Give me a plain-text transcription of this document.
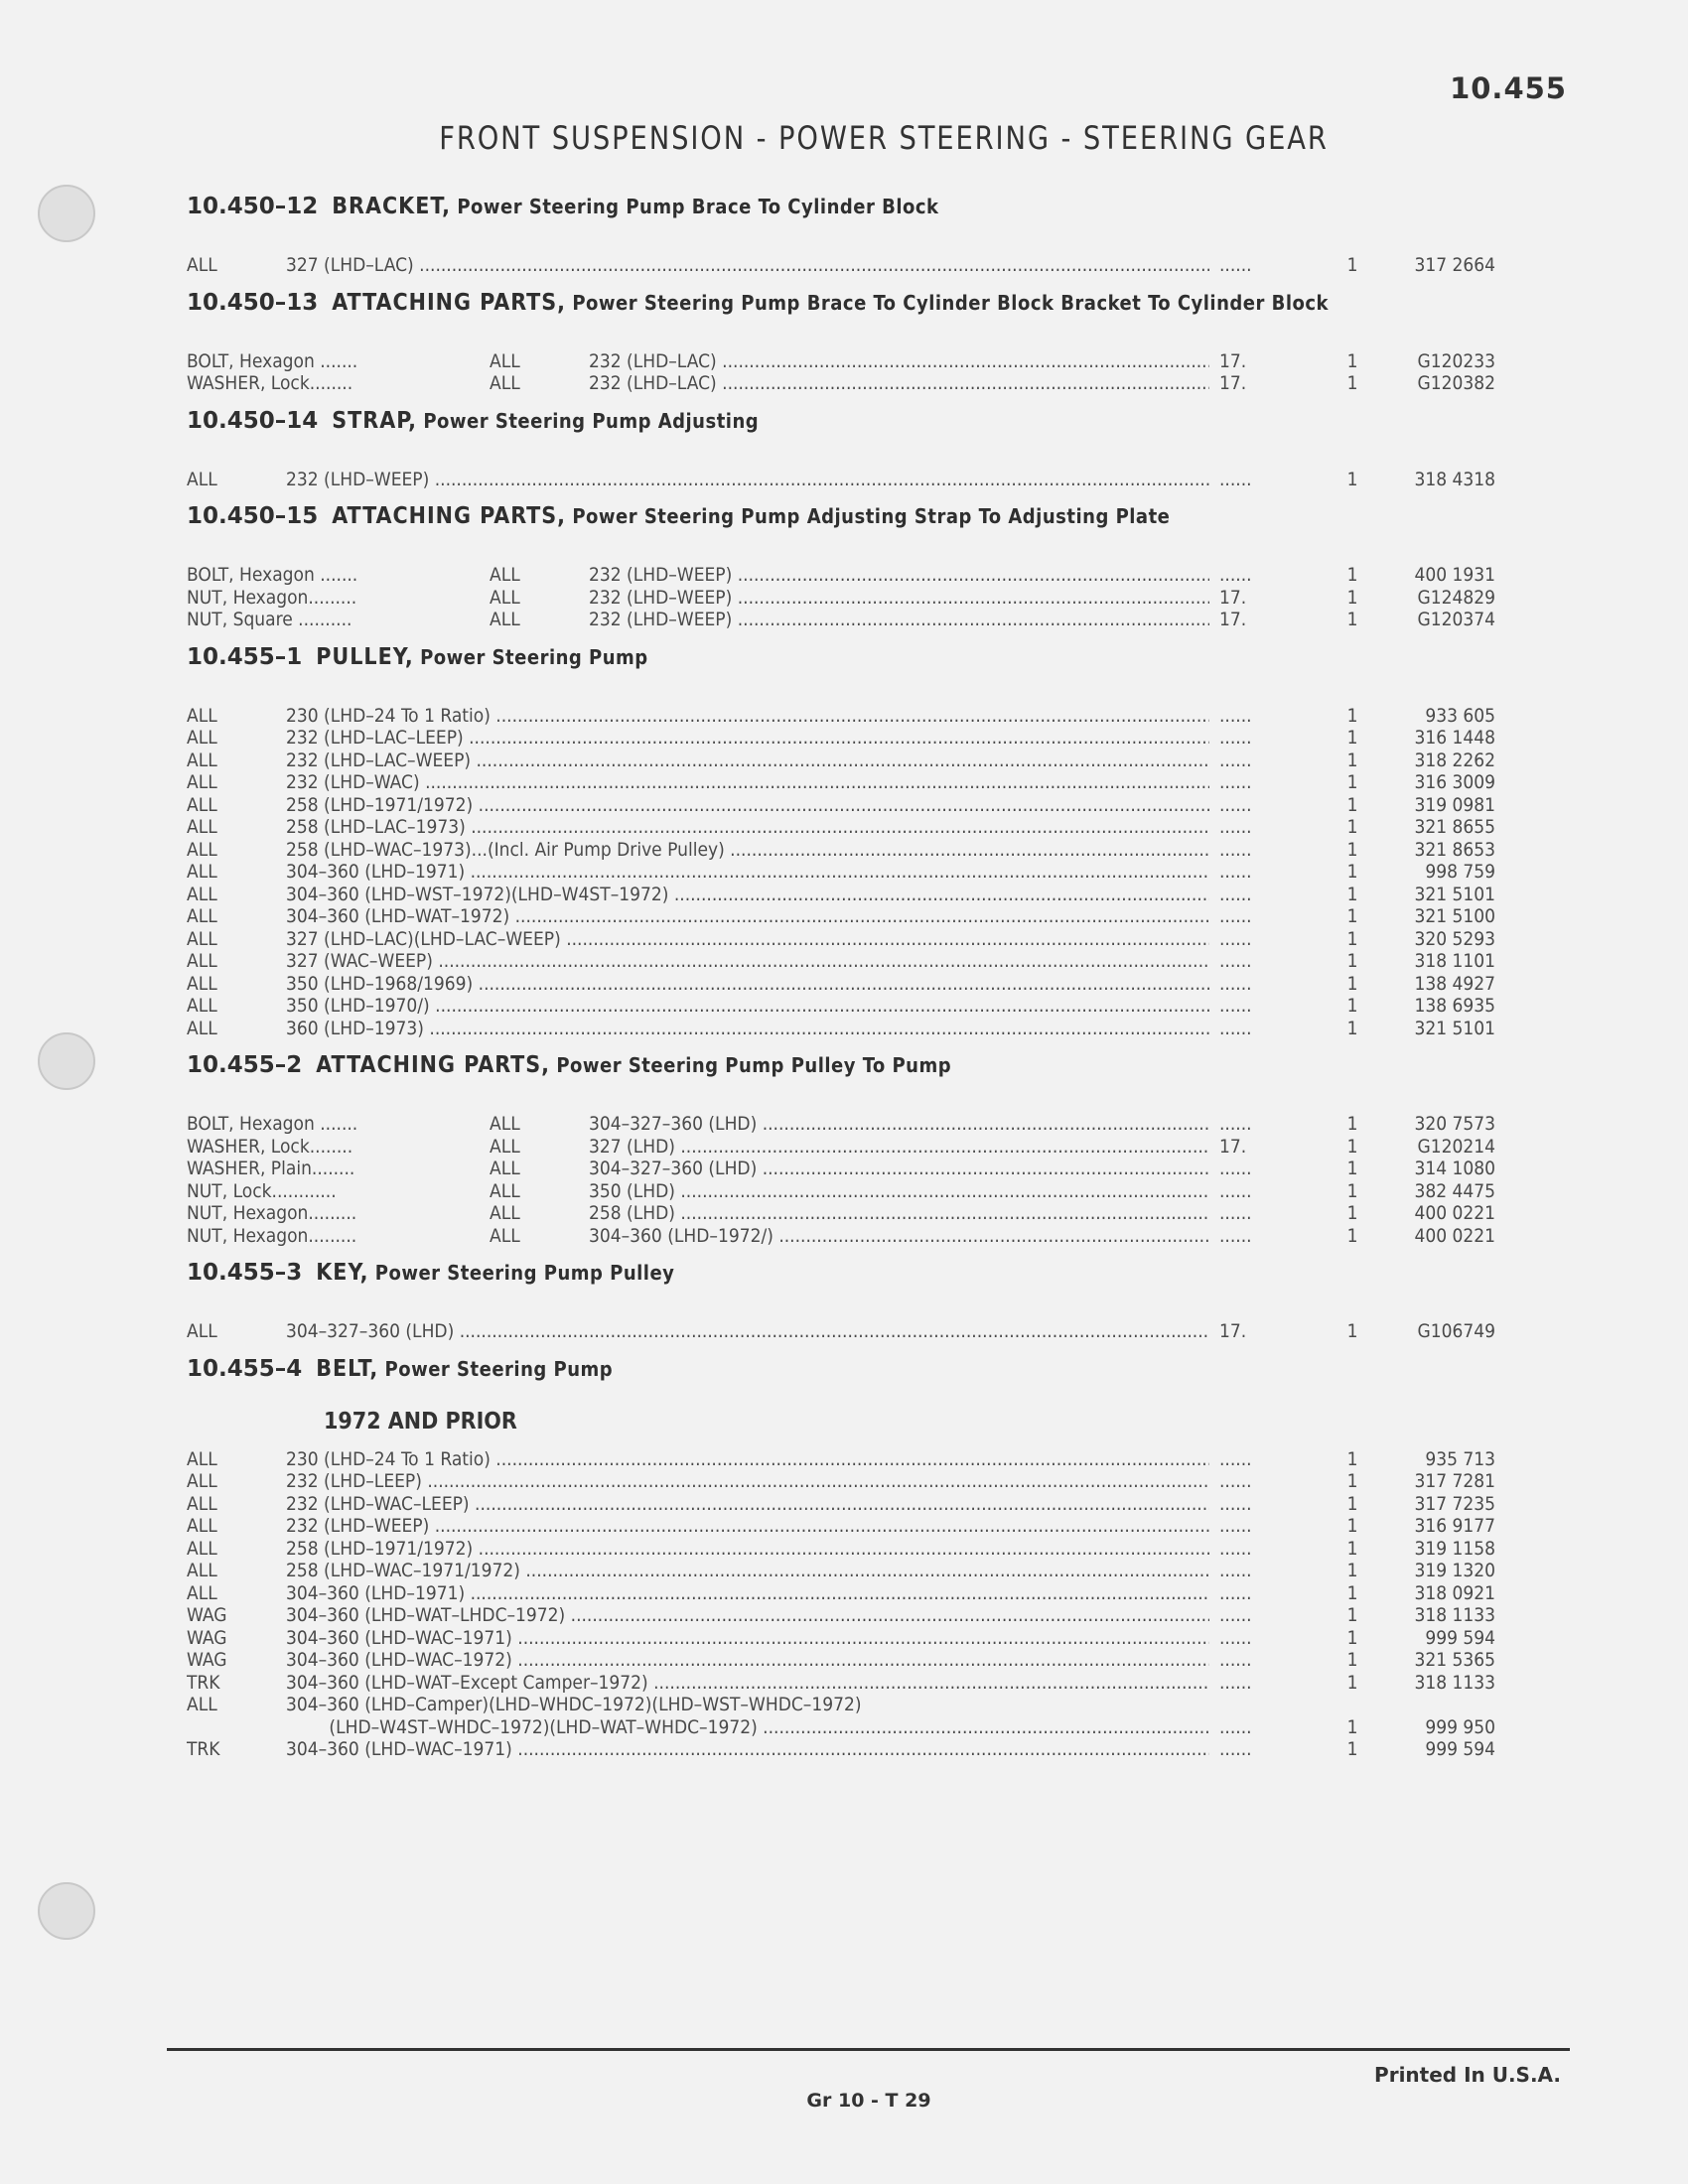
10.455
FRONT SUSPENSION - POWER STEERING - STEERING GEAR
10.450–12 BRACKET, Power Steering Pump Brace To Cylinder Block
ALL	327 (LHD–LAC) ..... ......	1	317 2664
10.450–13 ATTACHING PARTS, Power Steering Pump Brace To Cylinder Block Bracket To Cylinder Block
BOLT, Hexagon .......	ALL	232 (LHD–LAC) .....	17.	1	G120233
WASHER, Lock........	ALL	232 (LHD–LAC) .....	17.	1	G120382
10.450–14 STRAP, Power Steering Pump Adjusting
ALL	232 (LHD–WEEP) ..... ......	1	318 4318
10.450–15 ATTACHING PARTS, Power Steering Pump Adjusting Strap To Adjusting Plate
BOLT, Hexagon .......	ALL	232 (LHD–WEEP) ..... ......	1	400 1931
NUT, Hexagon.........	ALL	232 (LHD–WEEP) .....	17.	1	G124829
NUT, Square ..........	ALL	232 (LHD–WEEP) .....	17.	1	G120374
10.455–1 PULLEY, Power Steering Pump
ALL	230 (LHD–24 To 1 Ratio) ..... ......	1	933 605
ALL	232 (LHD–LAC–LEEP) ..... ......	1	316 1448
ALL	232 (LHD–LAC–WEEP) ..... ......	1	318 2262
ALL	232 (LHD–WAC) ..... ......	1	316 3009
ALL	258 (LHD–1971/1972) ..... ......	1	319 0981
ALL	258 (LHD–LAC–1973) ..... ......	1	321 8655
ALL	258 (LHD–WAC–1973)...(Incl. Air Pump Drive Pulley) ..... ......	1	321 8653
ALL	304–360 (LHD–1971) ..... ......	1	998 759
ALL	304–360 (LHD–WST–1972)(LHD–W4ST–1972) ..... ......	1	321 5101
ALL	304–360 (LHD–WAT–1972) ..... ......	1	321 5100
ALL	327 (LHD–LAC)(LHD–LAC–WEEP) ..... ......	1	320 5293
ALL	327 (WAC–WEEP) ..... ......	1	318 1101
ALL	350 (LHD–1968/1969) ..... ......	1	138 4927
ALL	350 (LHD–1970/) ..... ......	1	138 6935
ALL	360 (LHD–1973) ..... ......	1	321 5101
10.455–2 ATTACHING PARTS, Power Steering Pump Pulley To Pump
BOLT, Hexagon .......	ALL	304–327–360 (LHD) ..... ......	1	320 7573
WASHER, Lock........	ALL	327 (LHD) .....	17.	1	G120214
WASHER, Plain........	ALL	304–327–360 (LHD) ..... ......	1	314 1080
NUT, Lock............	ALL	350 (LHD) ..... ......	1	382 4475
NUT, Hexagon.........	ALL	258 (LHD) ..... ......	1	400 0221
NUT, Hexagon.........	ALL	304–360 (LHD–1972/) ..... ......	1	400 0221
10.455–3 KEY, Power Steering Pump Pulley
ALL	304–327–360 (LHD) .....	17.	1	G106749
10.455–4 BELT, Power Steering Pump
1972 AND PRIOR
ALL	230 (LHD–24 To 1 Ratio) ..... ......	1	935 713
ALL	232 (LHD–LEEP) ..... ......	1	317 7281
ALL	232 (LHD–WAC–LEEP) ..... ......	1	317 7235
ALL	232 (LHD–WEEP) ..... ......	1	316 9177
ALL	258 (LHD–1971/1972) ..... ......	1	319 1158
ALL	258 (LHD–WAC–1971/1972) ..... ......	1	319 1320
ALL	304–360 (LHD–1971) ..... ......	1	318 0921
WAG	304–360 (LHD–WAT–LHDC–1972) ..... ......	1	318 1133
WAG	304–360 (LHD–WAC–1971) ..... ......	1	999 594
WAG	304–360 (LHD–WAC–1972) ..... ......	1	321 5365
TRK	304–360 (LHD–WAT–Except Camper–1972) ..... ......	1	318 1133
ALL	304–360 (LHD–Camper)(LHD–WHDC–1972)(LHD–WST–WHDC–1972)
(LHD–W4ST–WHDC–1972)(LHD–WAT–WHDC–1972) ..... ......	1	999 950
TRK	304–360 (LHD–WAC–1971) ..... ......	1	999 594
Printed In U.S.A.
Gr 10 - T 29
